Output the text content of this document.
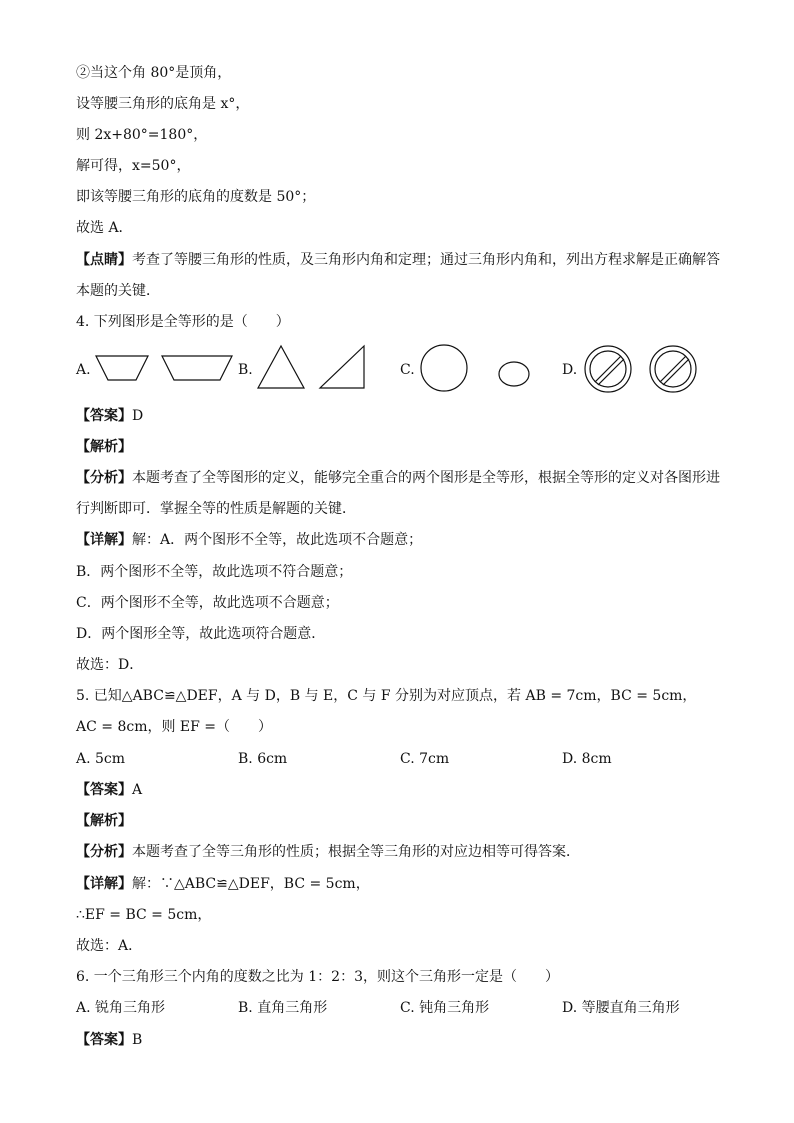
②当这个角 80°是顶角，
设等腰三角形的底角是 x°，
则 2x+80°=180°，
解可得，x=50°，
即该等腰三角形的底角的度数是 50°；
故选 A．
【点睛】考查了等腰三角形的性质，及三角形内角和定理；通过三角形内角和，列出方程求解是正确解答
本题的关键．
4. 下列图形是全等形的是（　　）
A.	B.	C.	D.
【答案】D
【解析】
【分析】本题考查了全等图形的定义，能够完全重合的两个图形是全等形，根据全等形的定义对各图形进
行判断即可．掌握全等的性质是解题的关键．
【详解】解：A．两个图形不全等，故此选项不合题意；
B．两个图形不全等，故此选项不符合题意；
C．两个图形不全等，故此选项不合题意；
D．两个图形全等，故此选项符合题意．
故选：D．
5. 已知△ABC≌△DEF，A 与 D，B 与 E，C 与 F 分别为对应顶点，若 AB = 7cm，BC = 5cm，
AC = 8cm，则 EF =（　　）
A. 5cm	B. 6cm	C. 7cm	D. 8cm
【答案】A
【解析】
【分析】本题考查了全等三角形的性质；根据全等三角形的对应边相等可得答案．
【详解】解：∵△ABC≌△DEF，BC = 5cm，
∴EF = BC = 5cm，
故选：A．
6. 一个三角形三个内角的度数之比为 1：2：3，则这个三角形一定是（　　）
A. 锐角三角形	B. 直角三角形	C. 钝角三角形	D. 等腰直角三角形
【答案】B
